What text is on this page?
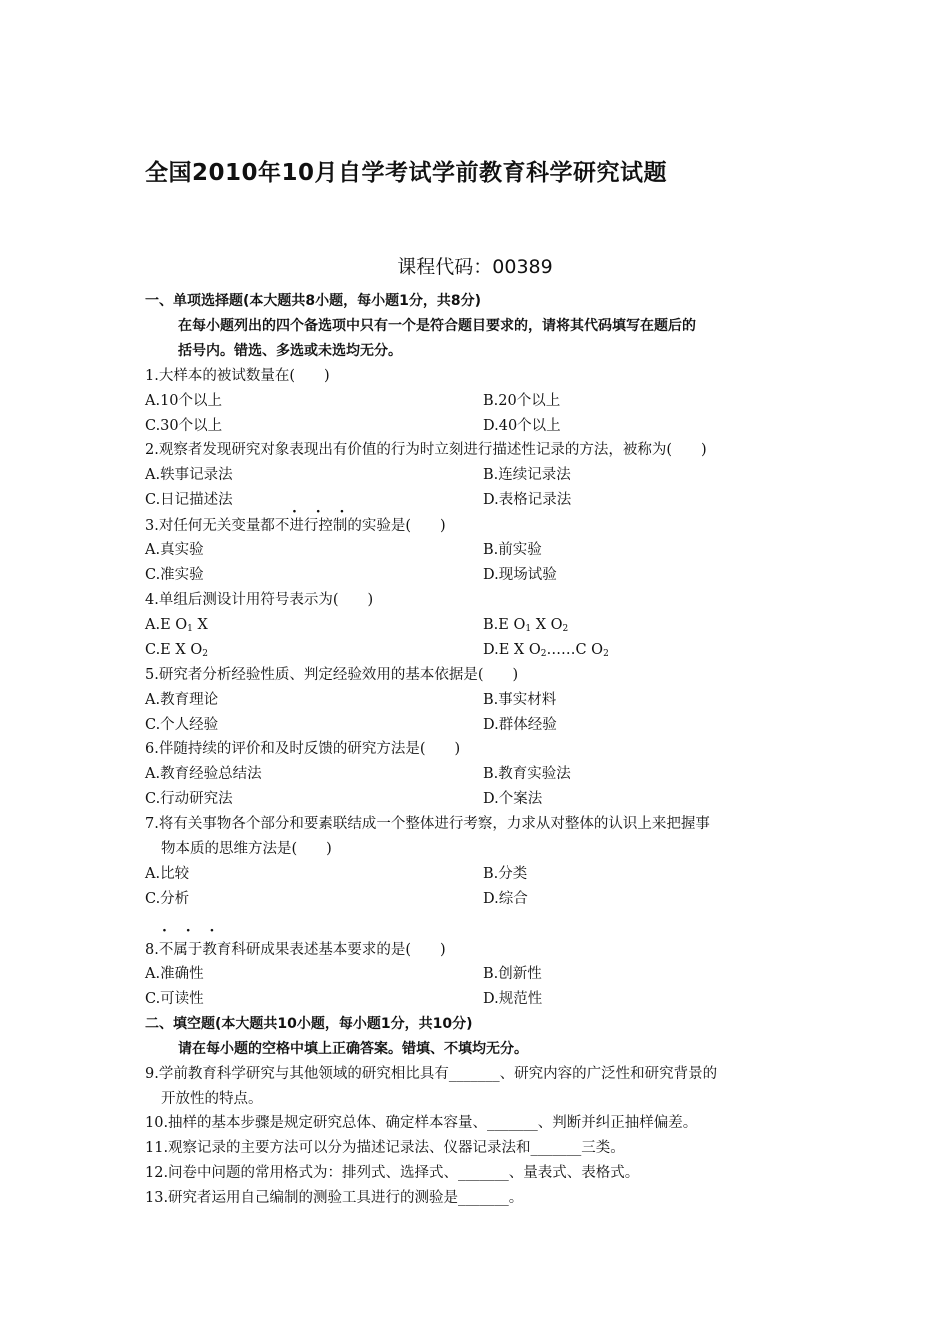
全国2010年10月自学考试学前教育科学研究试题
课程代码：00389
一、单项选择题(本大题共8小题，每小题1分，共8分)
在每小题列出的四个备选项中只有一个是符合题目要求的，请将其代码填写在题后的
括号内。错选、多选或未选均无分。
1.大样本的被试数量在(　　)
A.10个以上	B.20个以上
C.30个以上	D.40个以上
2.观察者发现研究对象表现出有价值的行为时立刻进行描述性记录的方法，被称为(　　)
A.轶事记录法	B.连续记录法
C.日记描述法	D.表格记录法
· · ·
3.对任何无关变量都不进行控制的实验是(　　)
A.真实验	B.前实验
C.准实验	D.现场试验
4.单组后测设计用符号表示为(　　)
A.E $O_1$ X	B.E $O_1$ X $O_2$
C.E X $O_2$	D.E X $O_2\dots\dots C$ $O_2$
5.研究者分析经验性质、判定经验效用的基本依据是(　　)
A.教育理论	B.事实材料
C.个人经验	D.群体经验
6.伴随持续的评价和及时反馈的研究方法是(　　)
A.教育经验总结法	B.教育实验法
C.行动研究法	D.个案法
7.将有关事物各个部分和要素联结成一个整体进行考察，力求从对整体的认识上来把握事
物本质的思维方法是(　　)
A.比较	B.分类
C.分析	D.综合
· · ·
8.不属于教育科研成果表述基本要求的是(　　)
A.准确性	B.创新性
C.可读性	D.规范性
二、填空题(本大题共10小题，每小题1分，共10分)
请在每小题的空格中填上正确答案。错填、不填均无分。
9.学前教育科学研究与其他领域的研究相比具有_______、研究内容的广泛性和研究背景的
开放性的特点。
10.抽样的基本步骤是规定研究总体、确定样本容量、_______、判断并纠正抽样偏差。
11.观察记录的主要方法可以分为描述记录法、仪器记录法和_______三类。
12.问卷中问题的常用格式为：排列式、选择式、_______、量表式、表格式。
13.研究者运用自己编制的测验工具进行的测验是_______。
